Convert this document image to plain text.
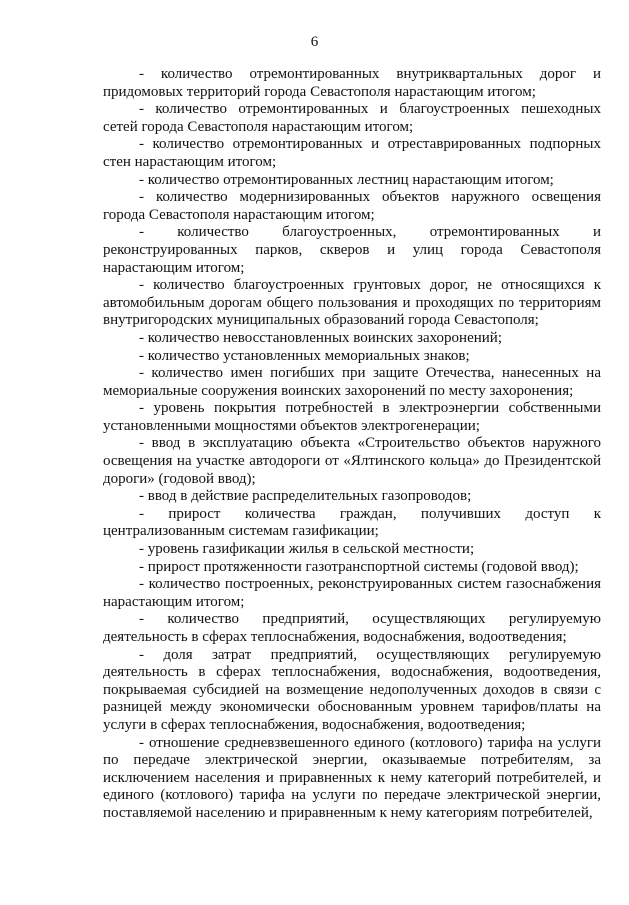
6

- количество отремонтированных внутриквартальных дорог и придомовых территорий города Севастополя нарастающим итогом;

- количество отремонтированных и благоустроенных пешеходных сетей города Севастополя нарастающим итогом;

- количество отремонтированных и отреставрированных подпорных стен нарастающим итогом;

- количество отремонтированных лестниц нарастающим итогом;

- количество модернизированных объектов наружного освещения города Севастополя нарастающим итогом;

- количество благоустроенных, отремонтированных и реконструированных парков, скверов и улиц города Севастополя нарастающим итогом;

- количество благоустроенных грунтовых дорог, не относящихся к автомобильным дорогам общего пользования и проходящих по территориям внутригородских муниципальных образований города Севастополя;

- количество невосстановленных воинских захоронений;

- количество установленных мемориальных знаков;

- количество имен погибших при защите Отечества, нанесенных на мемориальные сооружения воинских захоронений по месту захоронения;

- уровень покрытия потребностей в электроэнергии собственными установленными мощностями объектов электрогенерации;

- ввод в эксплуатацию объекта «Строительство объектов наружного освещения на участке автодороги от «Ялтинского кольца» до Президентской дороги» (годовой ввод);

- ввод в действие распределительных газопроводов;

- прирост количества граждан, получивших доступ к централизованным системам газификации;

- уровень газификации жилья в сельской местности;

- прирост протяженности газотранспортной системы (годовой ввод);

- количество построенных, реконструированных систем газоснабжения нарастающим итогом;

- количество предприятий, осуществляющих регулируемую деятельность в сферах теплоснабжения, водоснабжения, водоотведения;

- доля затрат предприятий, осуществляющих регулируемую деятельность в сферах теплоснабжения, водоснабжения, водоотведения, покрываемая субсидией на возмещение недополученных доходов в связи с разницей между экономически обоснованным уровнем тарифов/платы на услуги в сферах теплоснабжения, водоснабжения, водоотведения;

- отношение средневзвешенного единого (котлового) тарифа на услуги по передаче электрической энергии, оказываемые потребителям, за исключением населения и приравненных к нему категорий потребителей, и единого (котлового) тарифа на услуги по передаче электрической энергии, поставляемой населению и приравненным к нему категориям потребителей,
